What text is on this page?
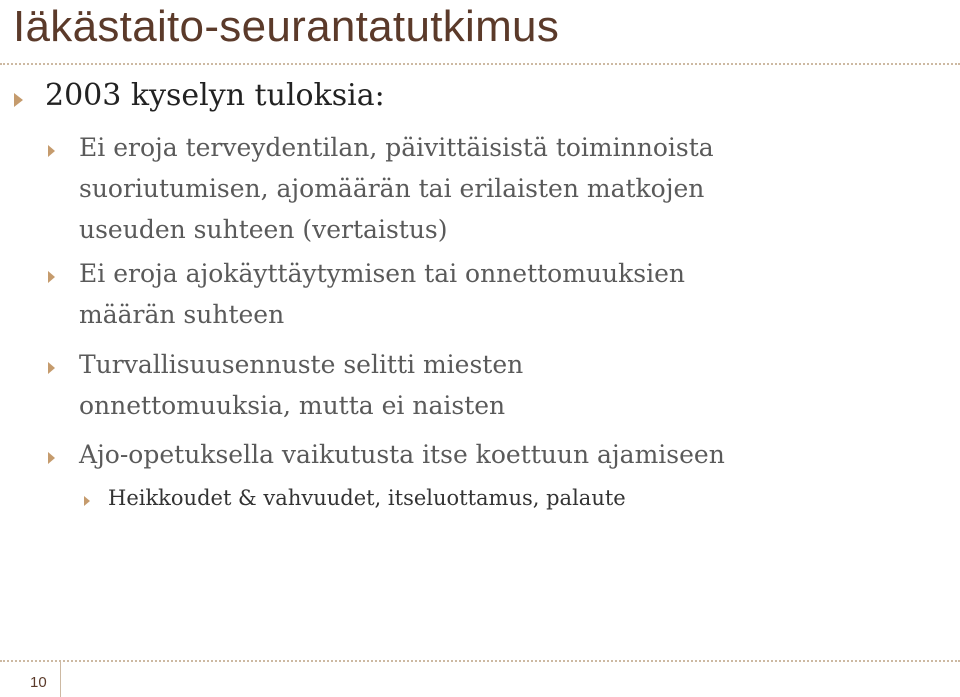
Iäkästaito-seurantatutkimus
2003 kyselyn tuloksia:
Ei eroja terveydentilan, päivittäisistä toiminnoista
suoriutumisen, ajomäärän tai erilaisten matkojen
useuden suhteen (vertaistus)
Ei eroja ajokäyttäytymisen tai onnettomuuksien
määrän suhteen
Turvallisuusennuste selitti miesten
onnettomuuksia, mutta ei naisten
Ajo-opetuksella vaikutusta itse koettuun ajamiseen
Heikkoudet & vahvuudet, itseluottamus, palaute
10
